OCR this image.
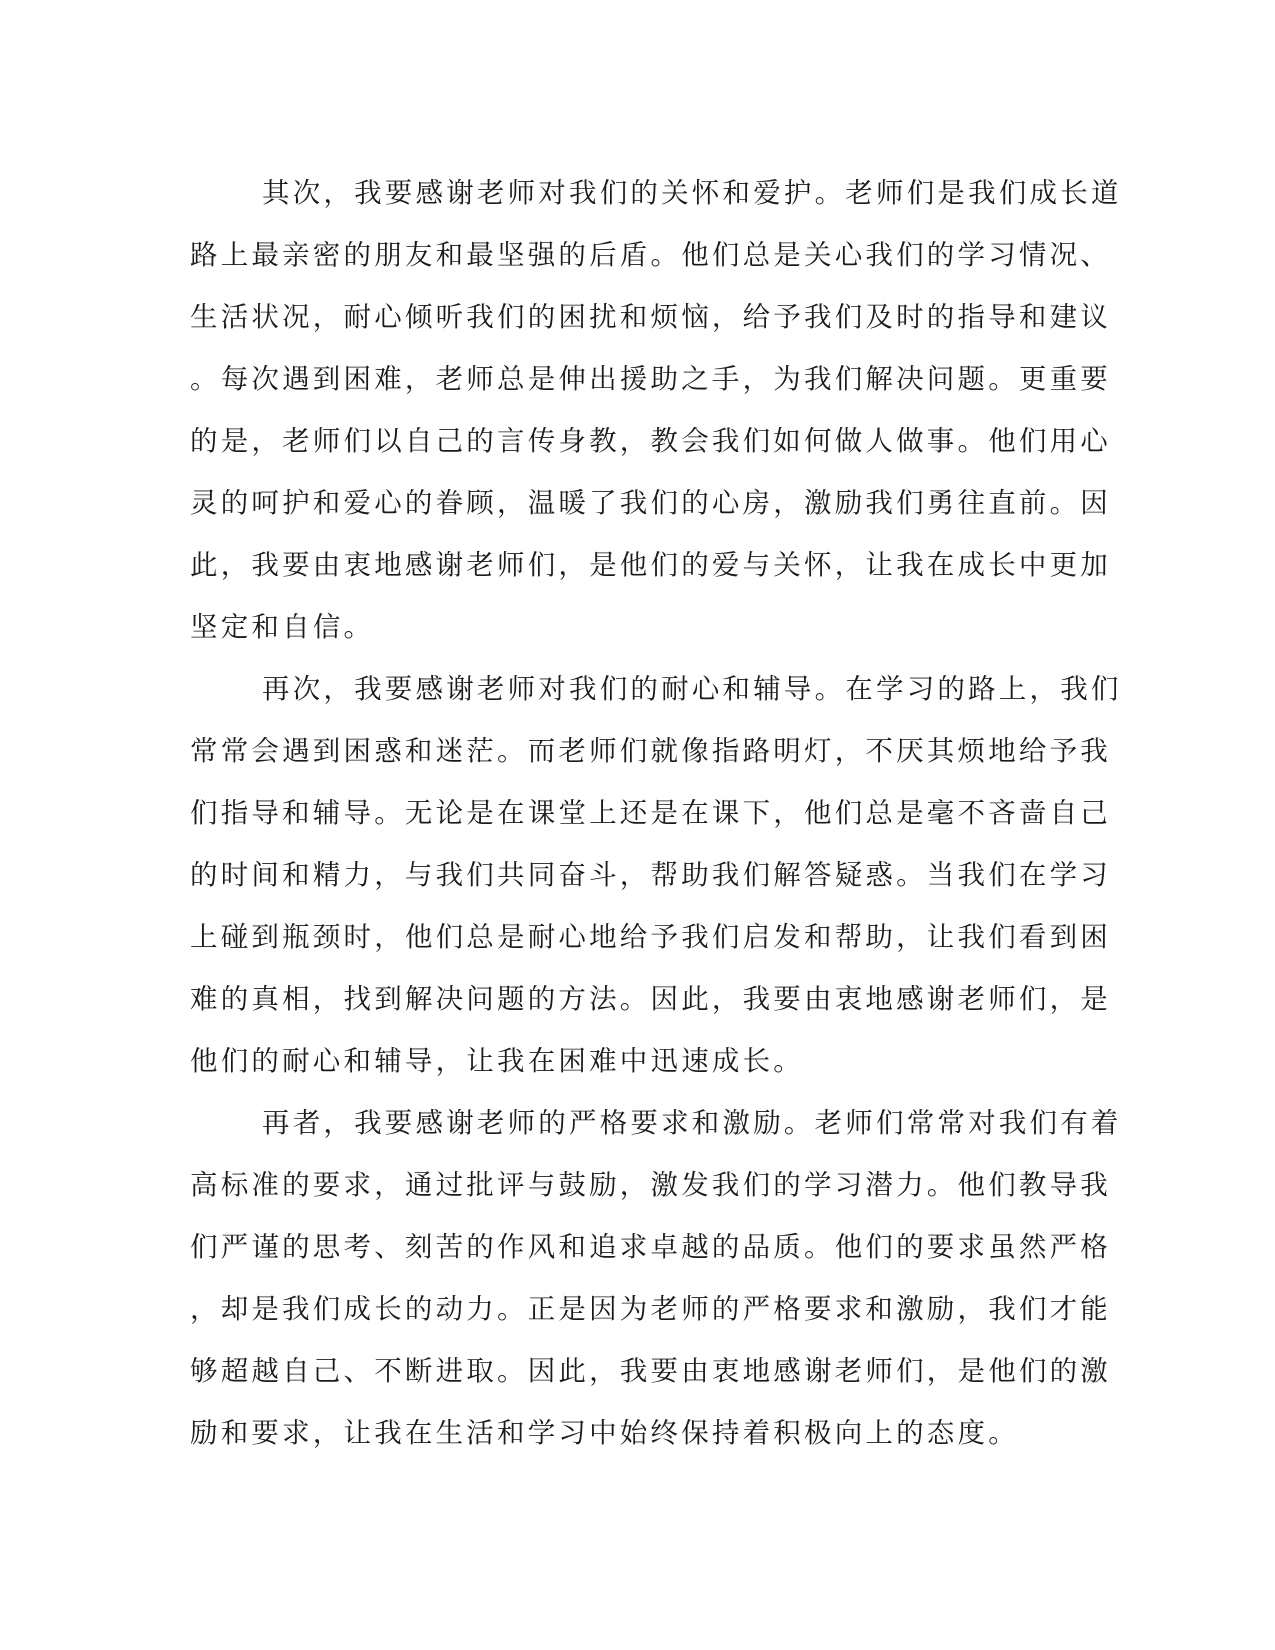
其次，我要感谢老师对我们的关怀和爱护。老师们是我们成长道
路上最亲密的朋友和最坚强的后盾。他们总是关心我们的学习情况、
生活状况，耐心倾听我们的困扰和烦恼，给予我们及时的指导和建议
。每次遇到困难，老师总是伸出援助之手，为我们解决问题。更重要
的是，老师们以自己的言传身教，教会我们如何做人做事。他们用心
灵的呵护和爱心的眷顾，温暖了我们的心房，激励我们勇往直前。因
此，我要由衷地感谢老师们，是他们的爱与关怀，让我在成长中更加
坚定和自信。
再次，我要感谢老师对我们的耐心和辅导。在学习的路上，我们
常常会遇到困惑和迷茫。而老师们就像指路明灯，不厌其烦地给予我
们指导和辅导。无论是在课堂上还是在课下，他们总是毫不吝啬自己
的时间和精力，与我们共同奋斗，帮助我们解答疑惑。当我们在学习
上碰到瓶颈时，他们总是耐心地给予我们启发和帮助，让我们看到困
难的真相，找到解决问题的方法。因此，我要由衷地感谢老师们，是
他们的耐心和辅导，让我在困难中迅速成长。
再者，我要感谢老师的严格要求和激励。老师们常常对我们有着
高标准的要求，通过批评与鼓励，激发我们的学习潜力。他们教导我
们严谨的思考、刻苦的作风和追求卓越的品质。他们的要求虽然严格
，却是我们成长的动力。正是因为老师的严格要求和激励，我们才能
够超越自己、不断进取。因此，我要由衷地感谢老师们，是他们的激
励和要求，让我在生活和学习中始终保持着积极向上的态度。
